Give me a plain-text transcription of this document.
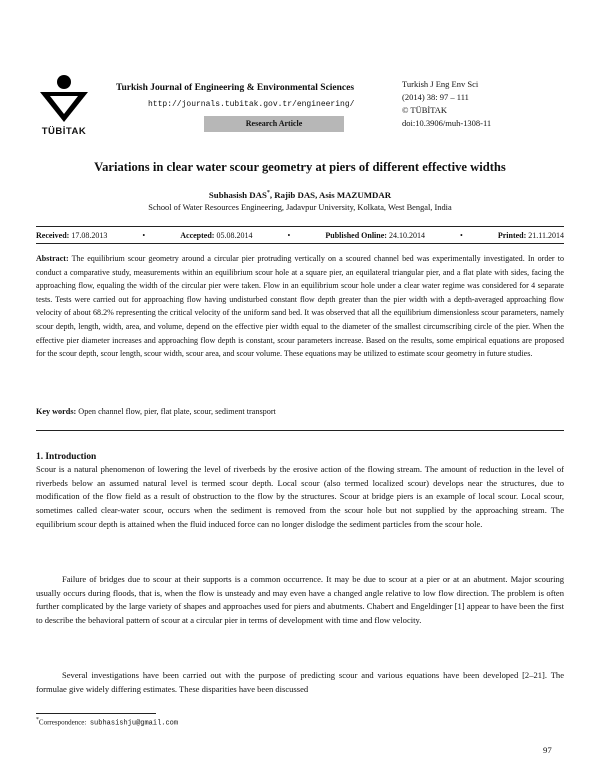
TÜBİTAK
Turkish Journal of Engineering & Environmental Sciences
http://journals.tubitak.gov.tr/engineering/
Research Article
Turkish J Eng Env Sci
(2014) 38: 97 – 111
© TÜBİTAK
doi:10.3906/muh-1308-11
Variations in clear water scour geometry at piers of different effective widths
Subhasish DAS*, Rajib DAS, Asis MAZUMDAR
School of Water Resources Engineering, Jadavpur University, Kolkata, West Bengal, India
Received: 17.08.2013	•	Accepted: 05.08.2014	•	Published Online: 24.10.2014	•	Printed: 21.11.2014
Abstract: The equilibrium scour geometry around a circular pier protruding vertically on a scoured channel bed was experimentally investigated. In order to conduct a comparative study, measurements within an equilibrium scour hole at a square pier, an equilateral triangular pier, and a flat plate with sides, facing the approaching flow, equaling the width of the circular pier were taken. Flow in an equilibrium scour hole under a clear water regime was considered for 4 separate tests. Tests were carried out for approaching flow having undisturbed constant flow depth greater than the pier width with a depth-averaged approaching flow velocity of about 68.2% representing the critical velocity of the uniform sand bed. It was observed that all the equilibrium dimensionless scour parameters, namely scour depth, length, width, area, and volume, depend on the effective pier width equal to the diameter of the smallest circumscribing circle of the pier. When the effective pier diameter increases and approaching flow depth is constant, scour parameters increase. Based on the results, some empirical equations are proposed for the scour depth, scour length, scour width, scour area, and scour volume. These equations may be utilized to estimate scour geometry in future studies.
Key words: Open channel flow, pier, flat plate, scour, sediment transport
1. Introduction
Scour is a natural phenomenon of lowering the level of riverbeds by the erosive action of the flowing stream. The amount of reduction in the level of riverbeds below an assumed natural level is termed scour depth. Local scour (also termed localized scour) develops near the structures, due to modification of the flow field as a result of obstruction to the flow by the structures. Scour at bridge piers is an example of local scour. Local scour, sometimes called clear-water scour, occurs when the sediment is removed from the scour hole but not supplied by the approaching stream. The equilibrium scour depth is attained when the fluid induced force can no longer dislodge the sediment particles from the scour hole.
Failure of bridges due to scour at their supports is a common occurrence. It may be due to scour at a pier or at an abutment. Major scouring usually occurs during floods, that is, when the flow is unsteady and may even have a changed angle relative to low flow direction. The problem is often further complicated by the large variety of shapes and approaches used for piers and abutments. Chabert and Engeldinger [1] appear to have been the first to describe the behavioral pattern of scour at a circular pier in terms of development with time and flow velocity.
Several investigations have been carried out with the purpose of predicting scour and various equations have been developed [2–21]. The formulae give widely differing estimates. These disparities have been discussed
*Correspondence: subhasishju@gmail.com
97
